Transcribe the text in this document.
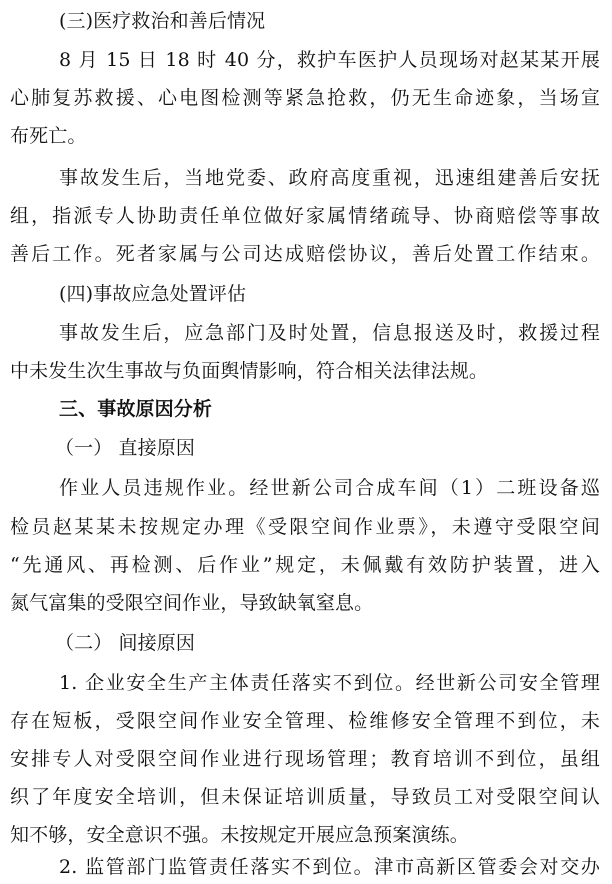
(三)医疗救治和善后情况
8 月 15 日 18 时 40 分，救护车医护人员现场对赵某某开展
心肺复苏救援、心电图检测等紧急抢救，仍无生命迹象，当场宣
布死亡。
事故发生后，当地党委、政府高度重视，迅速组建善后安抚
组，指派专人协助责任单位做好家属情绪疏导、协商赔偿等事故
善后工作。死者家属与公司达成赔偿协议，善后处置工作结束。
(四)事故应急处置评估
事故发生后，应急部门及时处置，信息报送及时，救援过程
中未发生次生事故与负面舆情影响，符合相关法律法规。
三、事故原因分析
（一） 直接原因
作业人员违规作业。经世新公司合成车间（1）二班设备巡
检员赵某某未按规定办理《受限空间作业票》，未遵守受限空间
“先通风、再检测、后作业”规定，未佩戴有效防护装置，进入
氮气富集的受限空间作业，导致缺氧窒息。
（二） 间接原因
1. 企业安全生产主体责任落实不到位。经世新公司安全管理
存在短板，受限空间作业安全管理、检维修安全管理不到位，未
安排专人对受限空间作业进行现场管理；教育培训不到位，虽组
织了年度安全培训，但未保证培训质量，导致员工对受限空间认
知不够，安全意识不强。未按规定开展应急预案演练。
2. 监管部门监管责任落实不到位。津市高新区管委会对交办
